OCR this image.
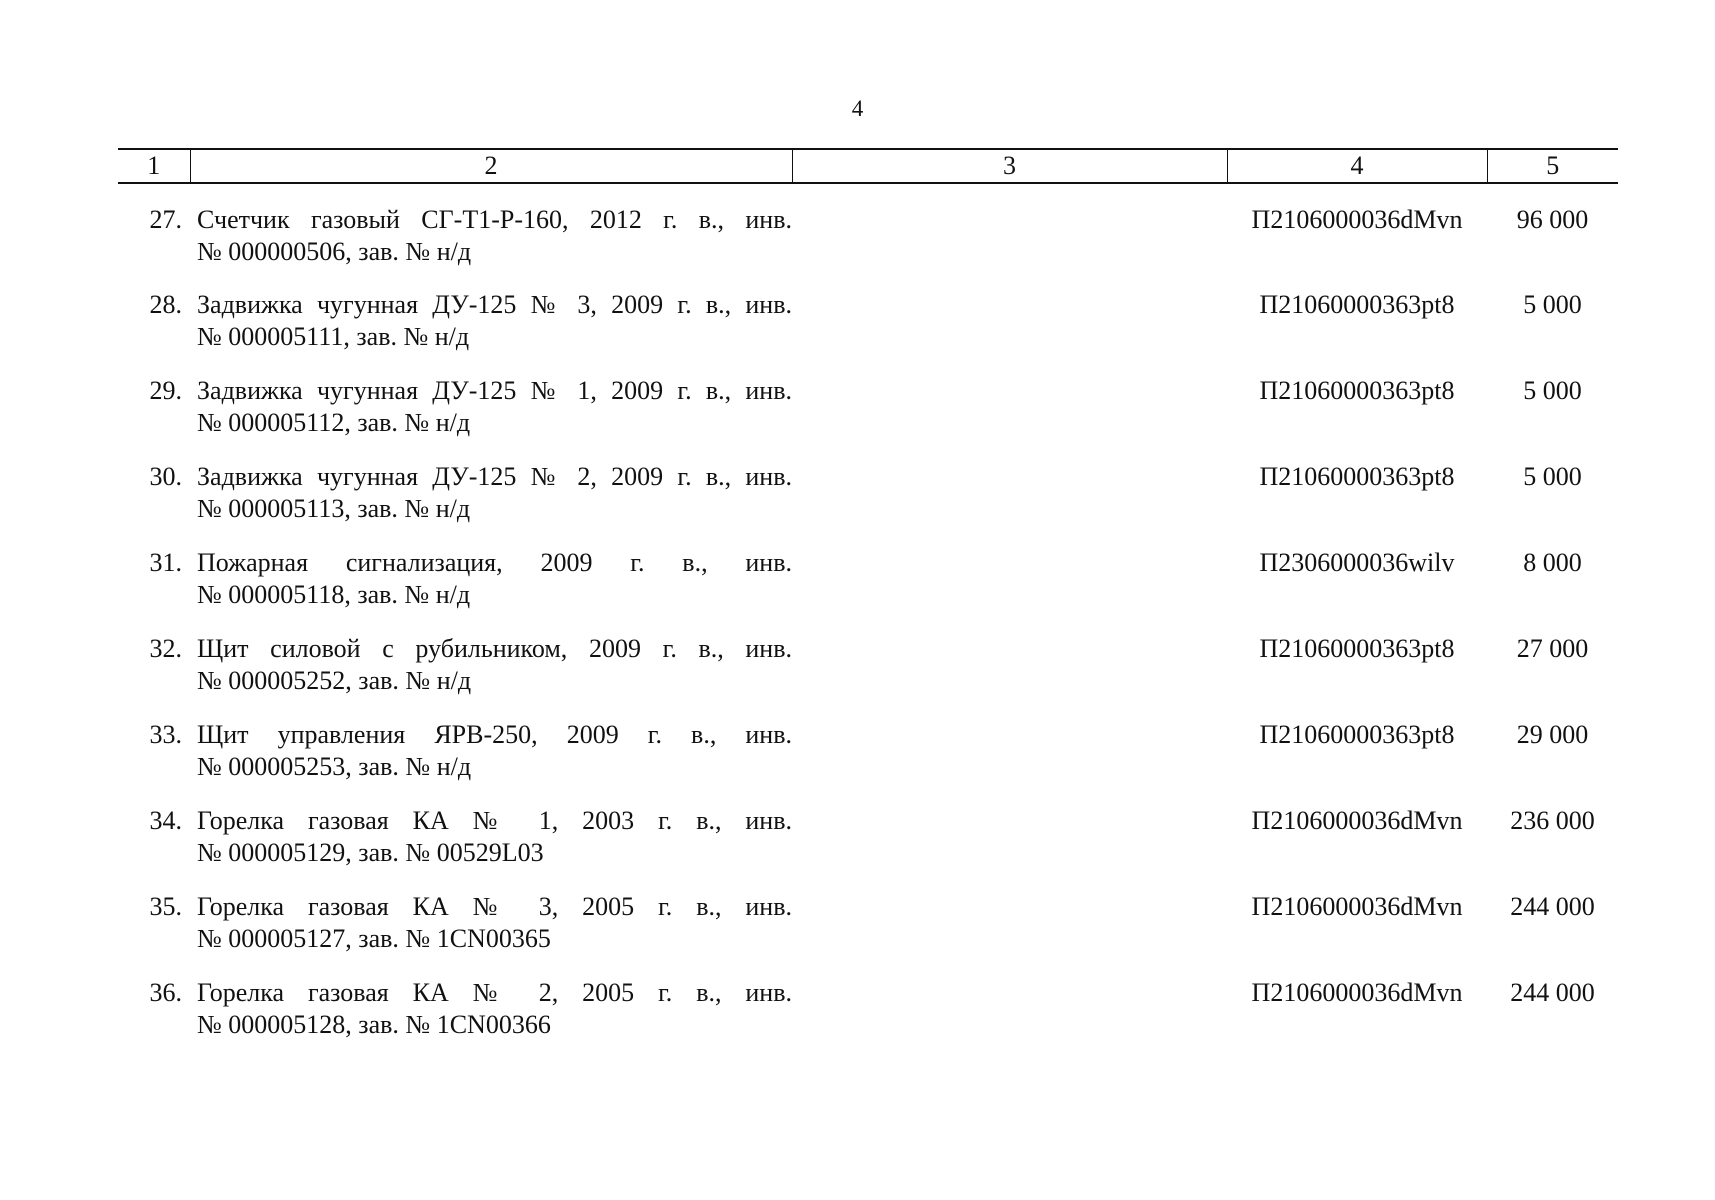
4
1	2	3	4	5
27.	Счетчик газовый СГ-Т1-Р-160, 2012 г. в., инв.
№ 000000506, зав. № н/д		П2106000036dMvn	96 000
28.	Задвижка чугунная ДУ-125 № 3, 2009 г. в., инв.
№ 000005111, зав. № н/д		П21060000363pt8	5 000
29.	Задвижка чугунная ДУ-125 № 1, 2009 г. в., инв.
№ 000005112, зав. № н/д		П21060000363pt8	5 000
30.	Задвижка чугунная ДУ-125 № 2, 2009 г. в., инв.
№ 000005113, зав. № н/д		П21060000363pt8	5 000
31.	Пожарная сигнализация, 2009 г. в., инв.
№ 000005118, зав. № н/д		П2306000036wilv	8 000
32.	Щит силовой с рубильником, 2009 г. в., инв.
№ 000005252, зав. № н/д		П21060000363pt8	27 000
33.	Щит управления ЯРВ-250, 2009 г. в., инв.
№ 000005253, зав. № н/д		П21060000363pt8	29 000
34.	Горелка газовая КА № 1, 2003 г. в., инв.
№ 000005129, зав. № 00529L03		П2106000036dMvn	236 000
35.	Горелка газовая КА № 3, 2005 г. в., инв.
№ 000005127, зав. № 1CN00365		П2106000036dMvn	244 000
36.	Горелка газовая КА № 2, 2005 г. в., инв.
№ 000005128, зав. № 1CN00366		П2106000036dMvn	244 000
